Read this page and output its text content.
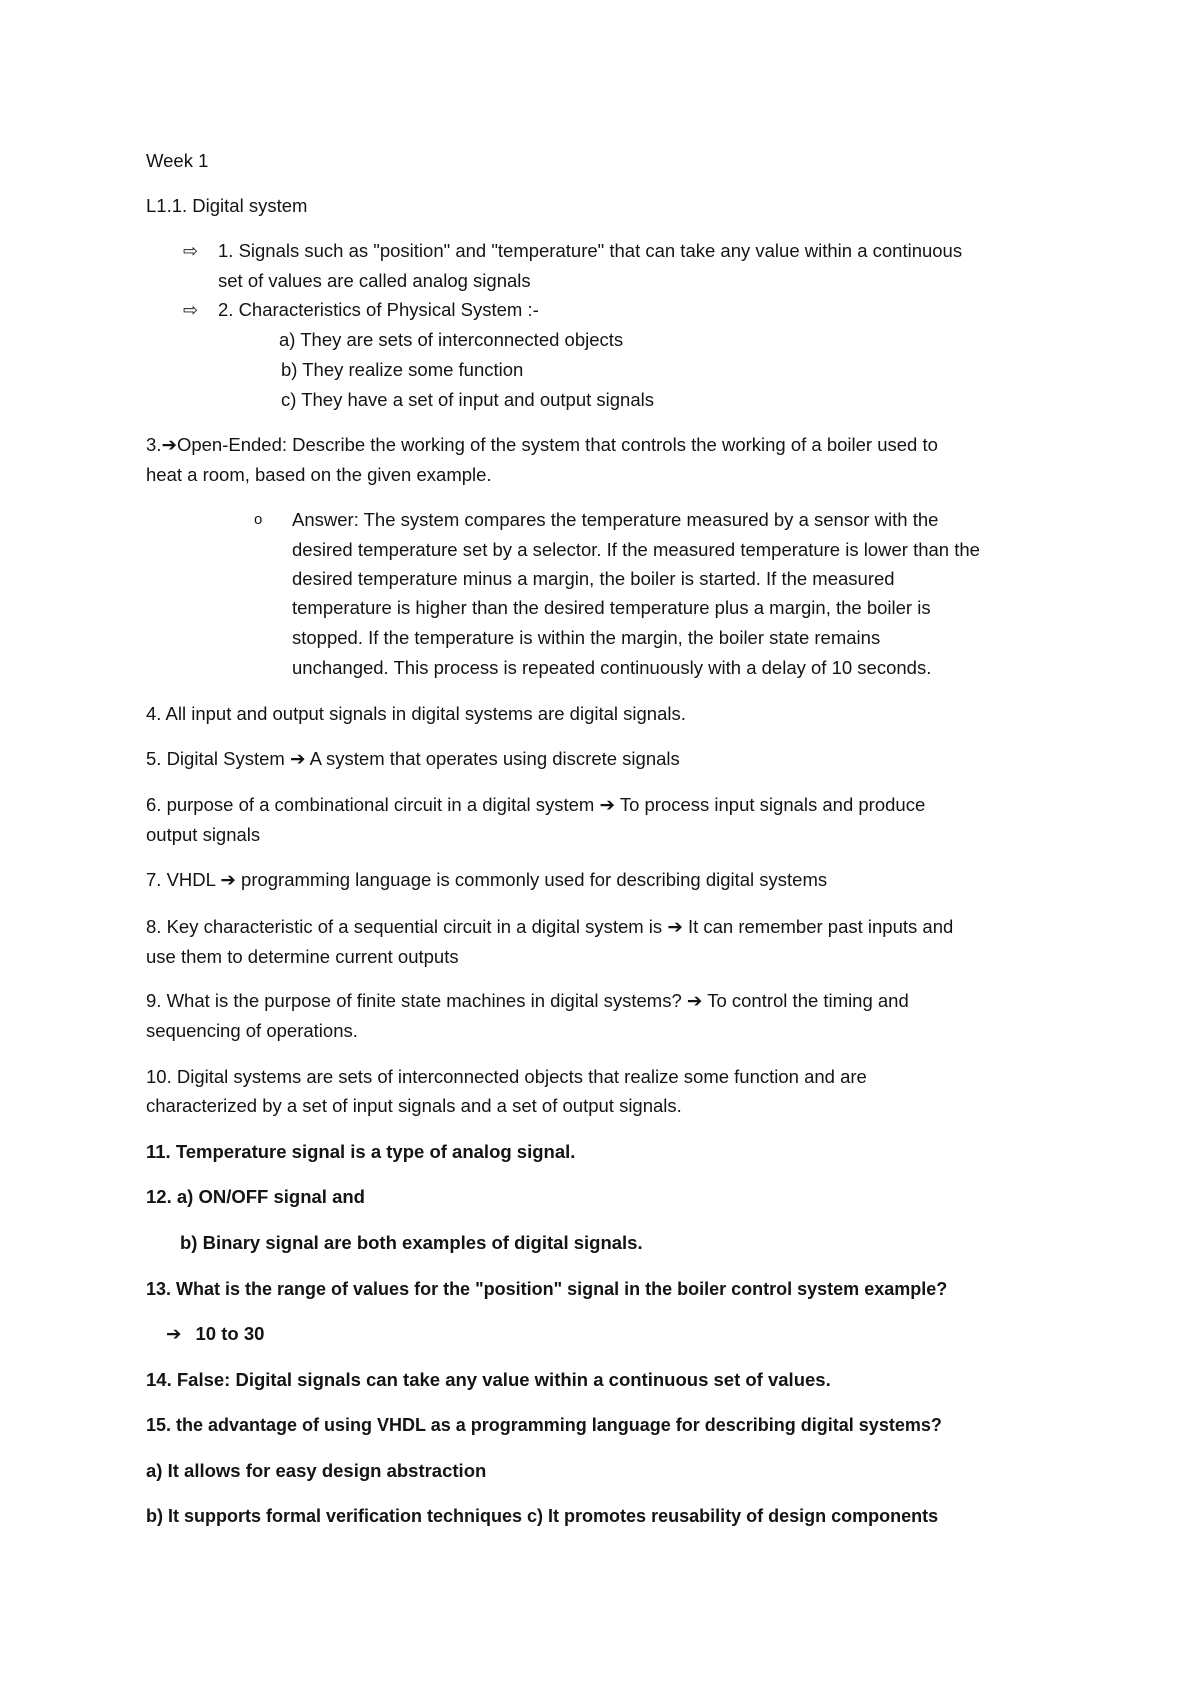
Week 1
L1.1. Digital system
⇨ 1. Signals such as "position" and "temperature" that can take any value within a continuous
set of values are called analog signals
⇨ 2. Characteristics of Physical System :-
a) They are sets of interconnected objects
b) They realize some function
c) They have a set of input and output signals
3.➔Open-Ended: Describe the working of the system that controls the working of a boiler used to
heat a room, based on the given example.
o Answer: The system compares the temperature measured by a sensor with the
desired temperature set by a selector. If the measured temperature is lower than the
desired temperature minus a margin, the boiler is started. If the measured
temperature is higher than the desired temperature plus a margin, the boiler is
stopped. If the temperature is within the margin, the boiler state remains
unchanged. This process is repeated continuously with a delay of 10 seconds.
4. All input and output signals in digital systems are digital signals.
5. Digital System ➔ A system that operates using discrete signals
6. purpose of a combinational circuit in a digital system ➔ To process input signals and produce
output signals
7. VHDL ➔ programming language is commonly used for describing digital systems
8. Key characteristic of a sequential circuit in a digital system is ➔ It can remember past inputs and
use them to determine current outputs
9. What is the purpose of finite state machines in digital systems? ➔ To control the timing and
sequencing of operations.
10. Digital systems are sets of interconnected objects that realize some function and are
characterized by a set of input signals and a set of output signals.
11. Temperature signal is a type of analog signal.
12. a) ON/OFF signal and
b) Binary signal are both examples of digital signals.
13. What is the range of values for the "position" signal in the boiler control system example?
➔ 10 to 30
14. False: Digital signals can take any value within a continuous set of values.
15. the advantage of using VHDL as a programming language for describing digital systems?
a) It allows for easy design abstraction
b) It supports formal verification techniques c) It promotes reusability of design components
